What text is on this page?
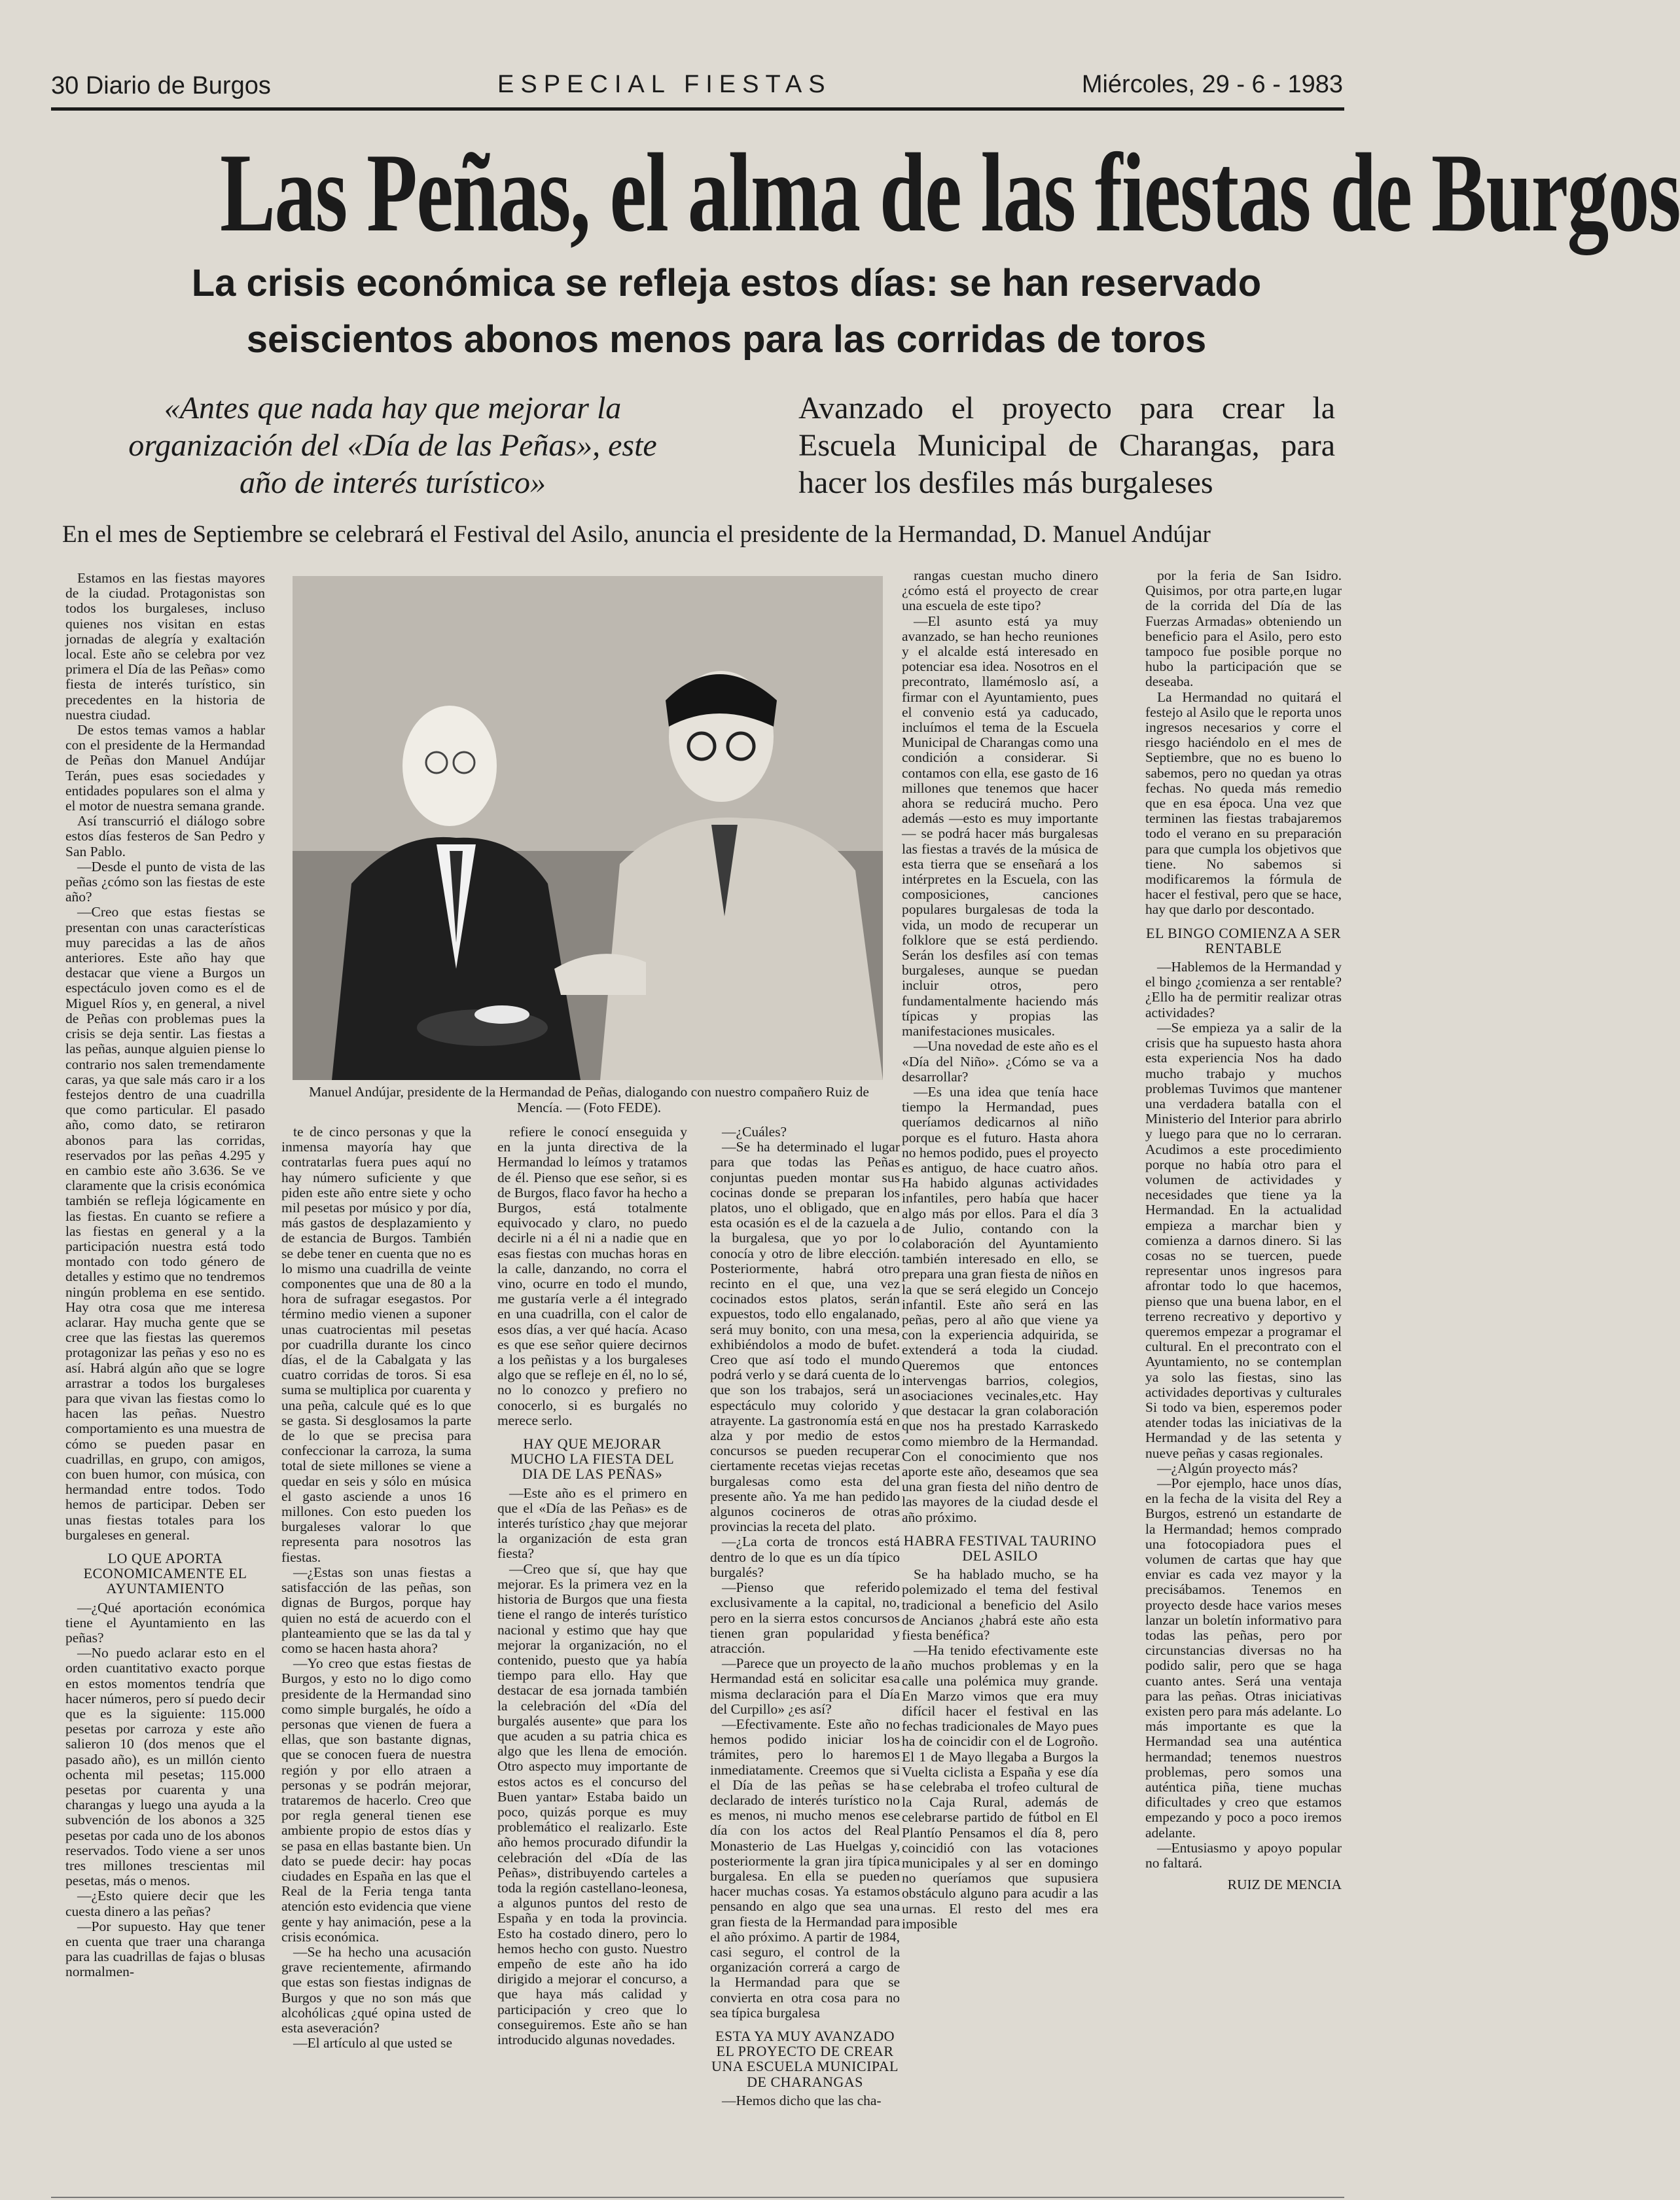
30 Diario de Burgos	ESPECIAL FIESTAS	Miércoles, 29 - 6 - 1983
Las Peñas, el alma de las fiestas de Burgos
La crisis económica se refleja estos días: se han reservado seiscientos abonos menos para las corridas de toros
«Antes que nada hay que mejorar la organización del «Día de las Peñas», este año de interés turístico»
Avanzado el proyecto para crear la
Escuela Municipal de Charangas, para
hacer los desfiles más burgaleses
En el mes de Septiembre se celebrará el Festival del Asilo, anuncia el presidente de la Hermandad, D. Manuel Andújar

Estamos en las fiestas mayores de la ciudad. Protagonistas son todos los burgaleses, incluso quienes nos visitan en estas jornadas de alegría y exaltación local. Este año se celebra por vez primera el Día de las Peñas» como fiesta de interés turístico, sin precedentes en la historia de nuestra ciudad.

De estos temas vamos a hablar con el presidente de la Hermandad de Peñas don Manuel Andújar Terán, pues esas sociedades y entidades populares son el alma y el motor de nuestra semana grande.

Así transcurrió el diálogo sobre estos días festeros de San Pedro y San Pablo.

—Desde el punto de vista de las peñas ¿cómo son las fiestas de este año?

—Creo que estas fiestas se presentan con unas características muy parecidas a las de años anteriores. Este año hay que destacar que viene a Burgos un espectáculo joven como es el de Miguel Ríos y, en general, a nivel de Peñas con problemas pues la crisis se deja sentir. Las fiestas a las peñas, aunque alguien piense lo contrario nos salen tremendamente caras, ya que sale más caro ir a los festejos dentro de una cuadrilla que como particular. El pasado año, como dato, se retiraron abonos para las corridas, reservados por las peñas 4.295 y en cambio este año 3.636. Se ve claramente que la crisis económica también se refleja lógicamente en las fiestas. En cuanto se refiere a las fiestas en general y a la participación nuestra está todo montado con todo género de detalles y estimo que no tendremos ningún problema en ese sentido. Hay otra cosa que me interesa aclarar. Hay mucha gente que se cree que las fiestas las queremos protagonizar las peñas y eso no es así. Habrá algún año que se logre arrastrar a todos los burgaleses para que vivan las fiestas como lo hacen las peñas. Nuestro comportamiento es una muestra de cómo se pueden pasar en cuadrillas, en grupo, con amigos, con buen humor, con música, con hermandad entre todos. Todo hemos de participar. Deben ser unas fiestas totales para los burgaleses en general.

LO QUE APORTA ECONOMICAMENTE EL AYUNTAMIENTO

—¿Qué aportación económica tiene el Ayuntamiento en las peñas?

—No puedo aclarar esto en el orden cuantitativo exacto porque en estos momentos tendría que hacer números, pero sí puedo decir que es la siguiente: 115.000 pesetas por carroza y este año salieron 10 (dos menos que el pasado año), es un millón ciento ochenta mil pesetas; 115.000 pesetas por cuarenta y una charangas y luego una ayuda a la subvención de los abonos a 325 pesetas por cada uno de los abonos reservados. Todo viene a ser unos tres millones trescientas mil pesetas, más o menos.

—¿Esto quiere decir que les cuesta dinero a las peñas?

—Por supuesto. Hay que tener en cuenta que traer una charanga para las cuadrillas de fajas o blusas normalmen-

Manuel Andújar, presidente de la Hermandad de Peñas, dialogando con nuestro compañero Ruiz de Mencía. — (Foto FEDE).

te de cinco personas y que la inmensa mayoría hay que contratarlas fuera pues aquí no hay número suficiente y que piden este año entre siete y ocho mil pesetas por músico y por día, más gastos de desplazamiento y de estancia de Burgos. También se debe tener en cuenta que no es lo mismo una cuadrilla de veinte componentes que una de 80 a la hora de sufragar esegastos. Por término medio vienen a suponer unas cuatrocientas mil pesetas por cuadrilla durante los cinco días, el de la Cabalgata y las cuatro corridas de toros. Si esa suma se multiplica por cuarenta y una peña, calcule qué es lo que se gasta. Si desglosamos la parte de lo que se precisa para confeccionar la carroza, la suma total de siete millones se viene a quedar en seis y sólo en música el gasto asciende a unos 16 millones. Con esto pueden los burgaleses valorar lo que representa para nosotros las fiestas.

—¿Estas son unas fiestas a satisfacción de las peñas, son dignas de Burgos, porque hay quien no está de acuerdo con el planteamiento que se las da tal y como se hacen hasta ahora?

—Yo creo que estas fiestas de Burgos, y esto no lo digo como presidente de la Hermandad sino como simple burgalés, he oído a personas que vienen de fuera a ellas, que son bastante dignas, que se conocen fuera de nuestra región y por ello atraen a personas y se podrán mejorar, trataremos de hacerlo. Creo que por regla general tienen ese ambiente propio de estos días y se pasa en ellas bastante bien. Un dato se puede decir: hay pocas ciudades en España en las que el Real de la Feria tenga tanta atención esto evidencia que viene gente y hay animación, pese a la crisis económica.

—Se ha hecho una acusación grave recientemente, afirmando que estas son fiestas indignas de Burgos y que no son más que alcohólicas ¿qué opina usted de esta aseveración?

—El artículo al que usted se

refiere le conocí enseguida y en la junta directiva de la Hermandad lo leímos y tratamos de él. Pienso que ese señor, si es de Burgos, flaco favor ha hecho a Burgos, está totalmente equivocado y claro, no puedo decirle ni a él ni a nadie que en esas fiestas con muchas horas en la calle, danzando, no corra el vino, ocurre en todo el mundo, me gustaría verle a él integrado en una cuadrilla, con el calor de esos días, a ver qué hacía. Acaso es que ese señor quiere decirnos a los peñistas y a los burgaleses algo que se refleje en él, no lo sé, no lo conozco y prefiero no conocerlo, si es burgalés no merece serlo.

HAY QUE MEJORAR MUCHO LA FIESTA DEL DIA DE LAS PEÑAS»

—Este año es el primero en que el «Día de las Peñas» es de interés turístico ¿hay que mejorar la organización de esta gran fiesta?

—Creo que sí, que hay que mejorar. Es la primera vez en la historia de Burgos que una fiesta tiene el rango de interés turístico nacional y estimo que hay que mejorar la organización, no el contenido, puesto que ya había tiempo para ello. Hay que destacar de esa jornada también la celebración del «Día del burgalés ausente» que para los que acuden a su patria chica es algo que les llena de emoción. Otro aspecto muy importante de estos actos es el concurso del Buen yantar» Estaba baido un poco, quizás porque es muy problemático el realizarlo. Este año hemos procurado difundir la celebración del «Día de las Peñas», distribuyendo carteles a toda la región castellano-leonesa, a algunos puntos del resto de España y en toda la provincia. Esto ha costado dinero, pero lo hemos hecho con gusto. Nuestro empeño de este año ha ido dirigido a mejorar el concurso, a que haya más calidad y participación y creo que lo conseguiremos. Este año se han introducido algunas novedades.

—¿Cuáles?

—Se ha determinado el lugar para que todas las Peñas conjuntas pueden montar sus cocinas donde se preparan los platos, uno el obligado, que en esta ocasión es el de la cazuela a la burgalesa, que yo por lo conocía y otro de libre elección. Posteriormente, habrá otro recinto en el que, una vez cocinados estos platos, serán expuestos, todo ello engalanado, será muy bonito, con una mesa, exhibiéndolos a modo de bufet. Creo que así todo el mundo podrá verlo y se dará cuenta de lo que son los trabajos, será un espectáculo muy colorido y atrayente. La gastronomía está en alza y por medio de estos concursos se pueden recuperar ciertamente recetas viejas recetas burgalesas como esta del presente año. Ya me han pedido algunos cocineros de otras provincias la receta del plato.

—¿La corta de troncos está dentro de lo que es un día típico burgalés?

—Pienso que referido exclusivamente a la capital, no, pero en la sierra estos concursos tienen gran popularidad y atracción.

—Parece que un proyecto de la Hermandad está en solicitar esa misma declaración para el Día del Curpillo» ¿es así?

—Efectivamente. Este año no hemos podido iniciar los trámites, pero lo haremos inmediatamente. Creemos que si el Día de las peñas se ha declarado de interés turístico no es menos, ni mucho menos ese día con los actos del Real Monasterio de Las Huelgas y, posteriormente la gran jira típica burgalesa. En ella se pueden hacer muchas cosas. Ya estamos pensando en algo que sea una gran fiesta de la Hermandad para el año próximo. A partir de 1984, casi seguro, el control de la organización correrá a cargo de la Hermandad para que se convierta en otra cosa para no sea típica burgalesa

ESTA YA MUY AVANZADO EL PROYECTO DE CREAR UNA ESCUELA MUNICIPAL DE CHARANGAS

—Hemos dicho que las cha-

rangas cuestan mucho dinero ¿cómo está el proyecto de crear una escuela de este tipo?

—El asunto está ya muy avanzado, se han hecho reuniones y el alcalde está interesado en potenciar esa idea. Nosotros en el precontrato, llamémoslo así, a firmar con el Ayuntamiento, pues el convenio está ya caducado, incluímos el tema de la Escuela Municipal de Charangas como una condición a considerar. Si contamos con ella, ese gasto de 16 millones que tenemos que hacer ahora se reducirá mucho. Pero además —esto es muy importante— se podrá hacer más burgalesas las fiestas a través de la música de esta tierra que se enseñará a los intérpretes en la Escuela, con las composiciones, canciones populares burgalesas de toda la vida, un modo de recuperar un folklore que se está perdiendo. Serán los desfiles así con temas burgaleses, aunque se puedan incluir otros, pero fundamentalmente haciendo más típicas y propias las manifestaciones musicales.

—Una novedad de este año es el «Día del Niño». ¿Cómo se va a desarrollar?

—Es una idea que tenía hace tiempo la Hermandad, pues queríamos dedicarnos al niño porque es el futuro. Hasta ahora no hemos podido, pues el proyecto es antiguo, de hace cuatro años. Ha habido algunas actividades infantiles, pero había que hacer algo más por ellos. Para el día 3 de Julio, contando con la colaboración del Ayuntamiento también interesado en ello, se prepara una gran fiesta de niños en la que se será elegido un Concejo infantil. Este año será en las peñas, pero al año que viene ya con la experiencia adquirida, se extenderá a toda la ciudad. Queremos que entonces intervengas barrios, colegios, asociaciones vecinales,etc. Hay que destacar la gran colaboración que nos ha prestado Karraskedo como miembro de la Hermandad. Con el conocimiento que nos aporte este año, deseamos que sea una gran fiesta del niño dentro de las mayores de la ciudad desde el año próximo.

HABRA FESTIVAL TAURINO DEL ASILO

Se ha hablado mucho, se ha polemizado el tema del festival tradicional a beneficio del Asilo de Ancianos ¿habrá este año esta fiesta benéfica?

—Ha tenido efectivamente este año muchos problemas y en la calle una polémica muy grande. En Marzo vimos que era muy difícil hacer el festival en las fechas tradicionales de Mayo pues ha de coincidir con el de Logroño. El 1 de Mayo llegaba a Burgos la Vuelta ciclista a España y ese día se celebraba el trofeo cultural de la Caja Rural, además de celebrarse partido de fútbol en El Plantío Pensamos el día 8, pero coincidió con las votaciones municipales y al ser en domingo no queríamos que supusiera obstáculo alguno para acudir a las urnas. El resto del mes era imposible

por la feria de San Isidro. Quisimos, por otra parte,en lugar de la corrida del Día de las Fuerzas Armadas» obteniendo un beneficio para el Asilo, pero esto tampoco fue posible porque no hubo la participación que se deseaba.

La Hermandad no quitará el festejo al Asilo que le reporta unos ingresos necesarios y corre el riesgo haciéndolo en el mes de Septiembre, que no es bueno lo sabemos, pero no quedan ya otras fechas. No queda más remedio que en esa época. Una vez que terminen las fiestas trabajaremos todo el verano en su preparación para que cumpla los objetivos que tiene. No sabemos si modificaremos la fórmula de hacer el festival, pero que se hace, hay que darlo por descontado.

EL BINGO COMIENZA A SER RENTABLE

—Hablemos de la Hermandad y el bingo ¿comienza a ser rentable? ¿Ello ha de permitir realizar otras actividades?

—Se empieza ya a salir de la crisis que ha supuesto hasta ahora esta experiencia Nos ha dado mucho trabajo y muchos problemas Tuvimos que mantener una verdadera batalla con el Ministerio del Interior para abrirlo y luego para que no lo cerraran. Acudimos a este procedimiento porque no había otro para el volumen de actividades y necesidades que tiene ya la Hermandad. En la actualidad empieza a marchar bien y comienza a darnos dinero. Si las cosas no se tuercen, puede representar unos ingresos para afrontar todo lo que hacemos, pienso que una buena labor, en el terreno recreativo y deportivo y queremos empezar a programar el cultural. En el precontrato con el Ayuntamiento, no se contemplan ya solo las fiestas, sino las actividades deportivas y culturales Si todo va bien, esperemos poder atender todas las iniciativas de la Hermandad y de las setenta y nueve peñas y casas regionales.

—¿Algún proyecto más?

—Por ejemplo, hace unos días, en la fecha de la visita del Rey a Burgos, estrenó un estandarte de la Hermandad; hemos comprado una fotocopiadora pues el volumen de cartas que hay que enviar es cada vez mayor y la precisábamos. Tenemos en proyecto desde hace varios meses lanzar un boletín informativo para todas las peñas, pero por circunstancias diversas no ha podido salir, pero que se haga cuanto antes. Será una ventaja para las peñas. Otras iniciativas existen pero para más adelante. Lo más importante es que la Hermandad sea una auténtica hermandad; tenemos nuestros problemas, pero somos una auténtica piña, tiene muchas dificultades y creo que estamos empezando y poco a poco iremos adelante.

—Entusiasmo y apoyo popular no faltará.

RUIZ DE MENCIA
